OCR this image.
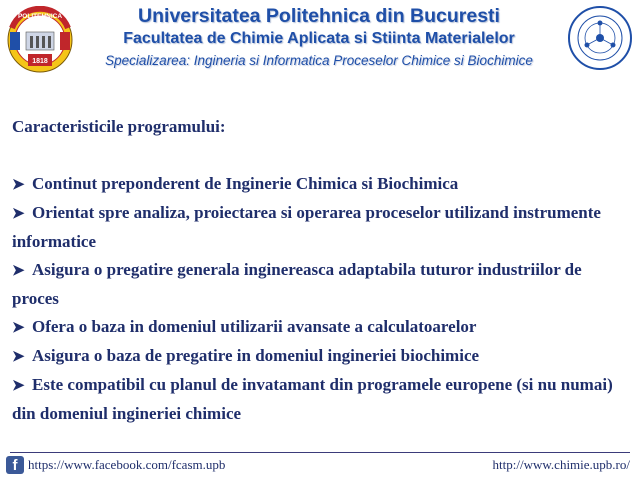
POLITEHNICA
1818
Universitatea Politehnica din Bucuresti
Facultatea de Chimie Aplicata si Stiinta Materialelor
Specializarea: Ingineria si Informatica Proceselor Chimice si Biochimice
Caracteristicile programului:
➤ Continut preponderent de Inginerie Chimica si Biochimica
➤ Orientat spre analiza, proiectarea si operarea proceselor utilizand instrumente informatice
➤ Asigura o pregatire generala inginereasca adaptabila tuturor industriilor de proces
➤ Ofera o baza in domeniul utilizarii avansate a calculatoarelor
➤ Asigura o baza de pregatire in domeniul ingineriei biochimice
➤ Este compatibil cu planul de invatamant din programele europene (si nu numai) din domeniul ingineriei chimice
f https://www.facebook.com/fcasm.upb	http://www.chimie.upb.ro/
